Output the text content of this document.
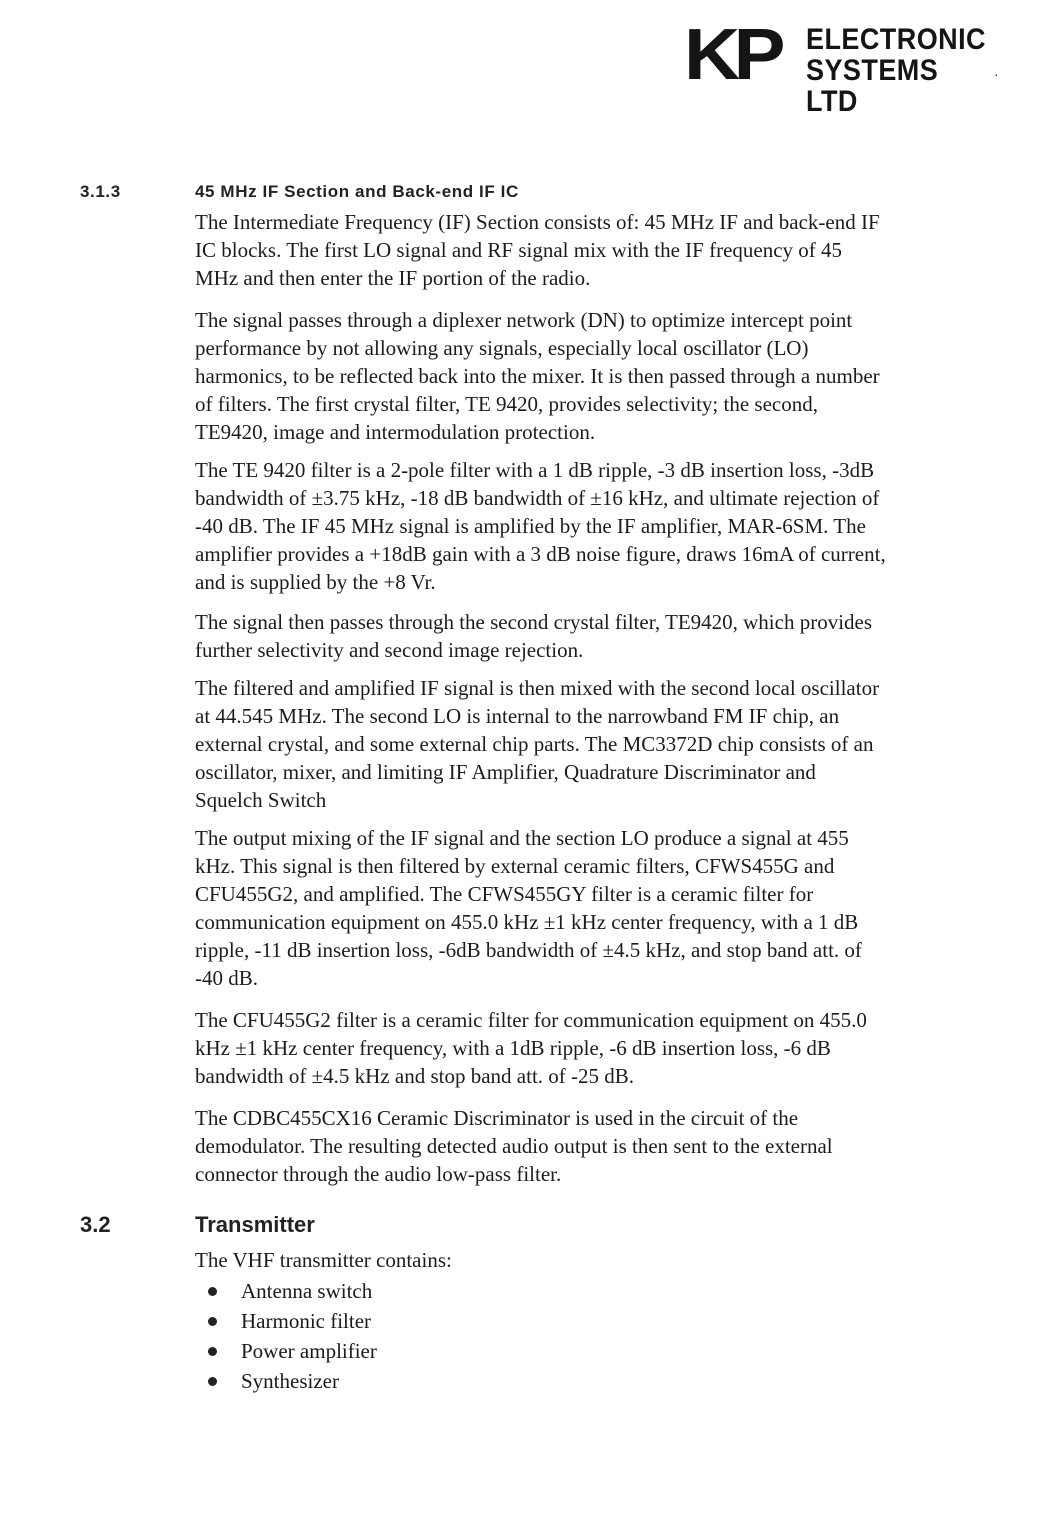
KP ELECTRONIC
SYSTEMS LTD
·
3.1.3	45 MHz IF Section and Back-end IF IC

The Intermediate Frequency (IF) Section consists of: 45 MHz IF and back-end IF
IC blocks. The first LO signal and RF signal mix with the IF frequency of 45
MHz and then enter the IF portion of the radio.

The signal passes through a diplexer network (DN) to optimize intercept point
performance by not allowing any signals, especially local oscillator (LO)
harmonics, to be reflected back into the mixer. It is then passed through a number
of filters. The first crystal filter, TE 9420, provides selectivity; the second,
TE9420, image and intermodulation protection.

The TE 9420 filter is a 2-pole filter with a 1 dB ripple, -3 dB insertion loss, -3dB
bandwidth of ±3.75 kHz, -18 dB bandwidth of ±16 kHz, and ultimate rejection of
-40 dB. The IF 45 MHz signal is amplified by the IF amplifier, MAR-6SM. The
amplifier provides a +18dB gain with a 3 dB noise figure, draws 16mA of current,
and is supplied by the +8 Vr.

The signal then passes through the second crystal filter, TE9420, which provides
further selectivity and second image rejection.

The filtered and amplified IF signal is then mixed with the second local oscillator
at 44.545 MHz. The second LO is internal to the narrowband FM IF chip, an
external crystal, and some external chip parts. The MC3372D chip consists of an
oscillator, mixer, and limiting IF Amplifier, Quadrature Discriminator and
Squelch Switch

The output mixing of the IF signal and the section LO produce a signal at 455
kHz. This signal is then filtered by external ceramic filters, CFWS455G and
CFU455G2, and amplified. The CFWS455GY filter is a ceramic filter for
communication equipment on 455.0 kHz ±1 kHz center frequency, with a 1 dB
ripple, -11 dB insertion loss, -6dB bandwidth of ±4.5 kHz, and stop band att. of
-40 dB.

The CFU455G2 filter is a ceramic filter for communication equipment on 455.0
kHz ±1 kHz center frequency, with a 1dB ripple, -6 dB insertion loss, -6 dB
bandwidth of ±4.5 kHz and stop band att. of -25 dB.

The CDBC455CX16 Ceramic Discriminator is used in the circuit of the
demodulator. The resulting detected audio output is then sent to the external
connector through the audio low-pass filter.

3.2	Transmitter

The VHF transmitter contains:

Antenna switch
Harmonic filter
Power amplifier
Synthesizer
